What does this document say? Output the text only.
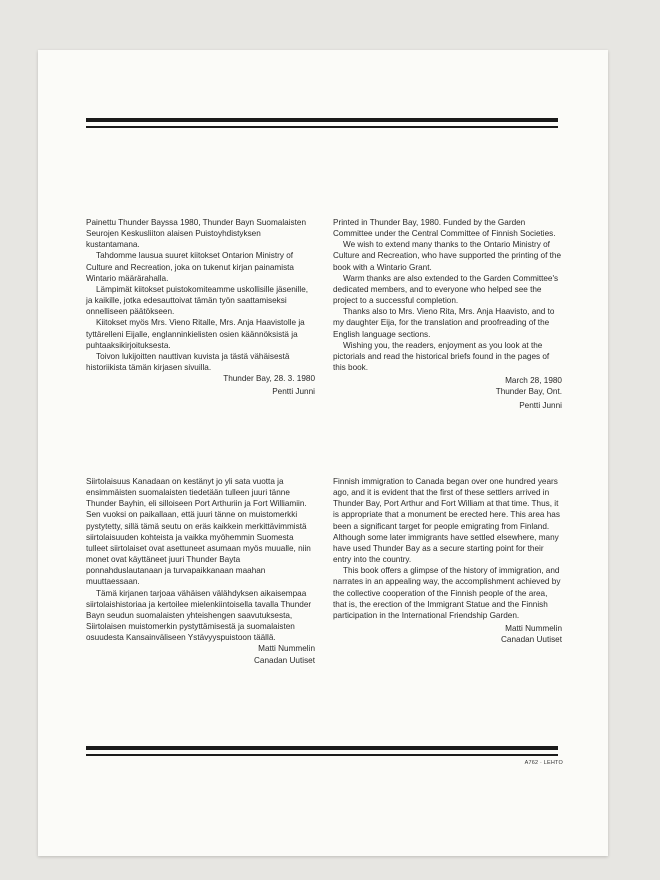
Painettu Thunder Bayssa 1980, Thunder Bayn Suomalaisten Seurojen Keskusliiton alaisen Puistoyhdistyksen kustantamana.

Tahdomme lausua suuret kiitokset Ontarion Ministry of Culture and Recreation, joka on tukenut kirjan painamista Wintario määrärahalla.

Lämpimät kiitokset puistokomiteamme uskollisille jäsenille, ja kaikille, jotka edesauttoivat tämän työn saattamiseksi onnelliseen päätökseen.

Kiitokset myös Mrs. Vieno Ritalle, Mrs. Anja Haavistolle ja tyttärelleni Eijalle, englanninkielisten osien käännöksistä ja puhtaaksikirjoituksesta.

Toivon lukijoitten nauttivan kuvista ja tästä vähäisestä historiikista tämän kirjasen sivuilla.

Thunder Bay, 28. 3. 1980

Pentti Junni

Printed in Thunder Bay, 1980. Funded by the Garden Committee under the Central Committee of Finnish Societies.

We wish to extend many thanks to the Ontario Ministry of Culture and Recreation, who have supported the printing of the book with a Wintario Grant.

Warm thanks are also extended to the Garden Committee's dedicated members, and to everyone who helped see the project to a successful completion.

Thanks also to Mrs. Vieno Rita, Mrs. Anja Haavisto, and to my daughter Eija, for the translation and proofreading of the English language sections.

Wishing you, the readers, enjoyment as you look at the pictorials and read the historical briefs found in the pages of this book.

March 28, 1980

Thunder Bay, Ont.

Pentti Junni

Siirtolaisuus Kanadaan on kestänyt jo yli sata vuotta ja ensimmäisten suomalaisten tiedetään tulleen juuri tänne Thunder Bayhin, eli silloiseen Port Arthuriin ja Fort Williamiin. Sen vuoksi on paikallaan, että juuri tänne on muistomerkki pystytetty, sillä tämä seutu on eräs kaikkein merkittävimmistä siirtolaisuuden kohteista ja vaikka myöhemmin Suomesta tulleet siirtolaiset ovat asettuneet asumaan myös muualle, niin monet ovat käyttäneet juuri Thunder Bayta ponnahduslautanaan ja turvapaikkanaan maahan muuttaessaan.

Tämä kirjanen tarjoaa vähäisen välähdyksen aikaisempaa siirtolaishistoriaa ja kertoilee mielenkiintoisella tavalla Thunder Bayn seudun suomalaisten yhteishengen saavutuksesta, Siirtolaisen muistomerkin pystyttämisestä ja suomalaisten osuudesta Kansainväliseen Ystävyyspuistoon täällä.

Matti Nummelin

Canadan Uutiset

Finnish immigration to Canada began over one hundred years ago, and it is evident that the first of these settlers arrived in Thunder Bay, Port Arthur and Fort William at that time. Thus, it is appropriate that a monument be erected here. This area has been a significant target for people emigrating from Finland. Although some later immigrants have settled elsewhere, many have used Thunder Bay as a secure starting point for their entry into the country.

This book offers a glimpse of the history of immigration, and narrates in an appealing way, the accomplishment achieved by the collective cooperation of the Finnish people of the area, that is, the erection of the Immigrant Statue and the Finnish participation in the International Friendship Garden.

Matti Nummelin

Canadan Uutiset

A762 · LEHTO
